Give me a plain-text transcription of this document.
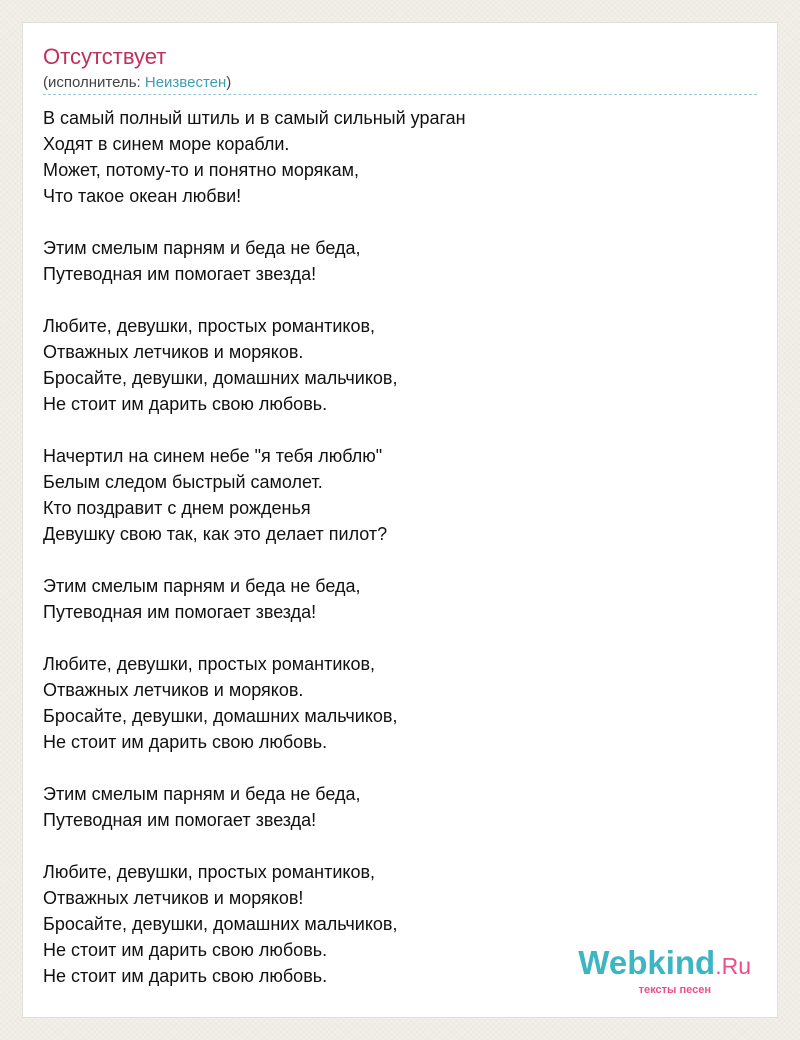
Отсутствует
(исполнитель: Неизвестен)
В самый полный штиль и в самый сильный ураган
Ходят в синем море корабли.
Может, потому-то и понятно морякам,
Что такое океан любви!
Этим смелым парням и беда не беда,
Путеводная им помогает звезда!
Любите, девушки, простых романтиков,
Отважных летчиков и моряков.
Бросайте, девушки, домашних мальчиков,
Не стоит им дарить свою любовь.
Начертил на синем небе "я тебя люблю"
Белым следом быстрый самолет.
Кто поздравит с днем рожденья
Девушку свою так, как это делает пилот?
Этим смелым парням и беда не беда,
Путеводная им помогает звезда!
Любите, девушки, простых романтиков,
Отважных летчиков и моряков.
Бросайте, девушки, домашних мальчиков,
Не стоит им дарить свою любовь.
Этим смелым парням и беда не беда,
Путеводная им помогает звезда!
Любите, девушки, простых романтиков,
Отважных летчиков и моряков!
Бросайте, девушки, домашних мальчиков,
Не стоит им дарить свою любовь.
Не стоит им дарить свою любовь.	Webkind.Ru
тексты песен
